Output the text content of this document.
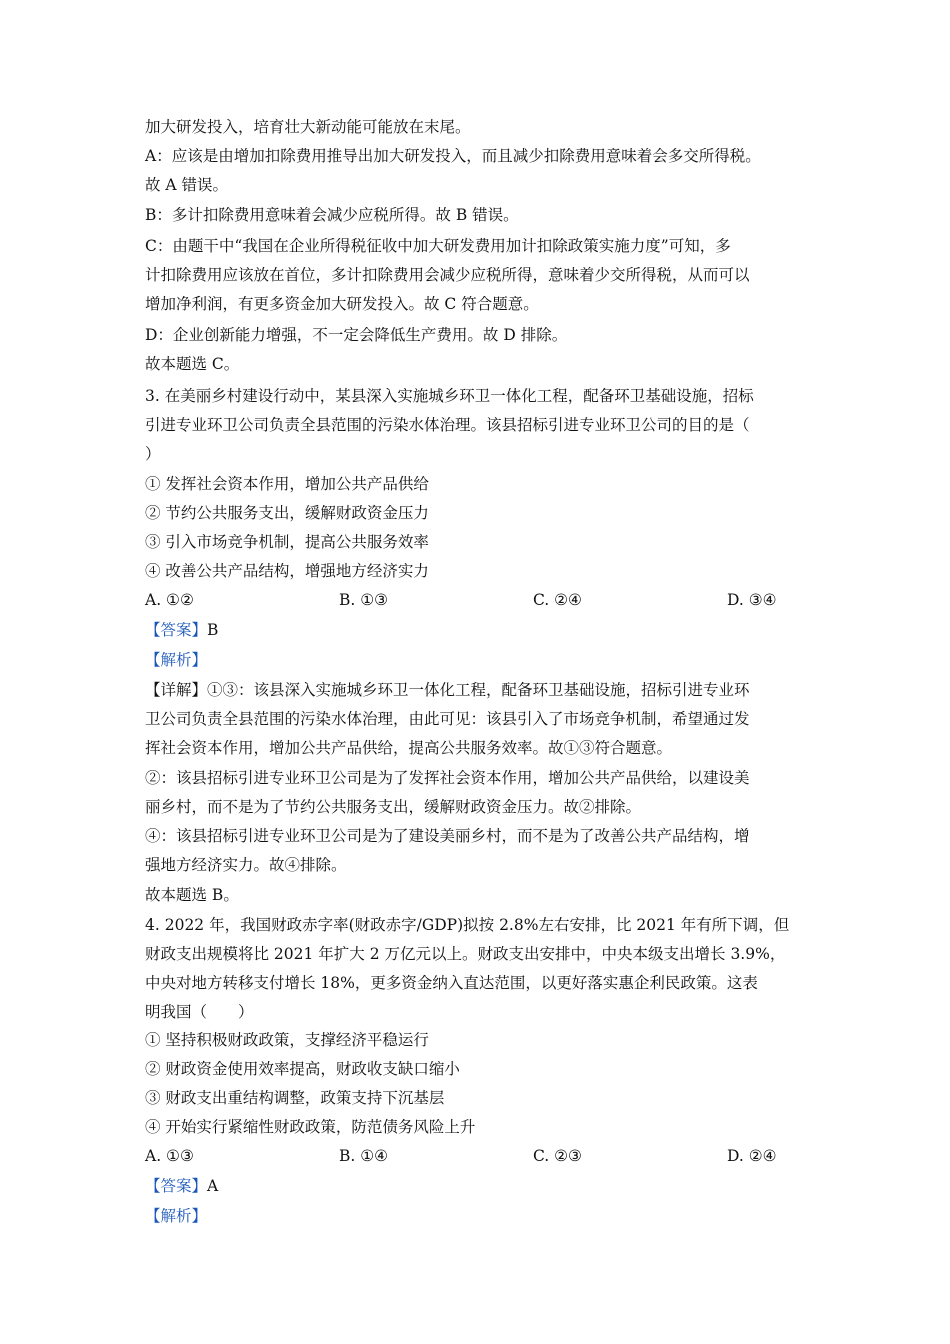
加大研发投入，培育壮大新动能可能放在末尾。
A：应该是由增加扣除费用推导出加大研发投入，而且减少扣除费用意味着会多交所得税。
故 A 错误。
B：多计扣除费用意味着会减少应税所得。故 B 错误。
C：由题干中“我国在企业所得税征收中加大研发费用加计扣除政策实施力度”可知，多
计扣除费用应该放在首位，多计扣除费用会减少应税所得，意味着少交所得税，从而可以
增加净利润，有更多资金加大研发投入。故 C 符合题意。
D：企业创新能力增强，不一定会降低生产费用。故 D 排除。
故本题选 C。
3. 在美丽乡村建设行动中，某县深入实施城乡环卫一体化工程，配备环卫基础设施，招标
引进专业环卫公司负责全县范围的污染水体治理。该县招标引进专业环卫公司的目的是（
）
① 发挥社会资本作用，增加公共产品供给
② 节约公共服务支出，缓解财政资金压力
③ 引入市场竞争机制，提高公共服务效率
④ 改善公共产品结构，增强地方经济实力
A. ①②	B. ①③	C. ②④	D. ③④
【答案】B
【解析】
【详解】①③：该县深入实施城乡环卫一体化工程，配备环卫基础设施，招标引进专业环
卫公司负责全县范围的污染水体治理，由此可见：该县引入了市场竞争机制，希望通过发
挥社会资本作用，增加公共产品供给，提高公共服务效率。故①③符合题意。
②：该县招标引进专业环卫公司是为了发挥社会资本作用，增加公共产品供给，以建设美
丽乡村，而不是为了节约公共服务支出，缓解财政资金压力。故②排除。
④：该县招标引进专业环卫公司是为了建设美丽乡村，而不是为了改善公共产品结构，增
强地方经济实力。故④排除。
故本题选 B。
4. 2022 年，我国财政赤字率(财政赤字/GDP)拟按 2.8%左右安排，比 2021 年有所下调，但
财政支出规模将比 2021 年扩大 2 万亿元以上。财政支出安排中，中央本级支出增长 3.9%，
中央对地方转移支付增长 18%，更多资金纳入直达范围，以更好落实惠企利民政策。这表
明我国（　　）
① 坚持积极财政政策，支撑经济平稳运行
② 财政资金使用效率提高，财政收支缺口缩小
③ 财政支出重结构调整，政策支持下沉基层
④ 开始实行紧缩性财政政策，防范债务风险上升
A. ①③	B. ①④	C. ②③	D. ②④
【答案】A
【解析】
